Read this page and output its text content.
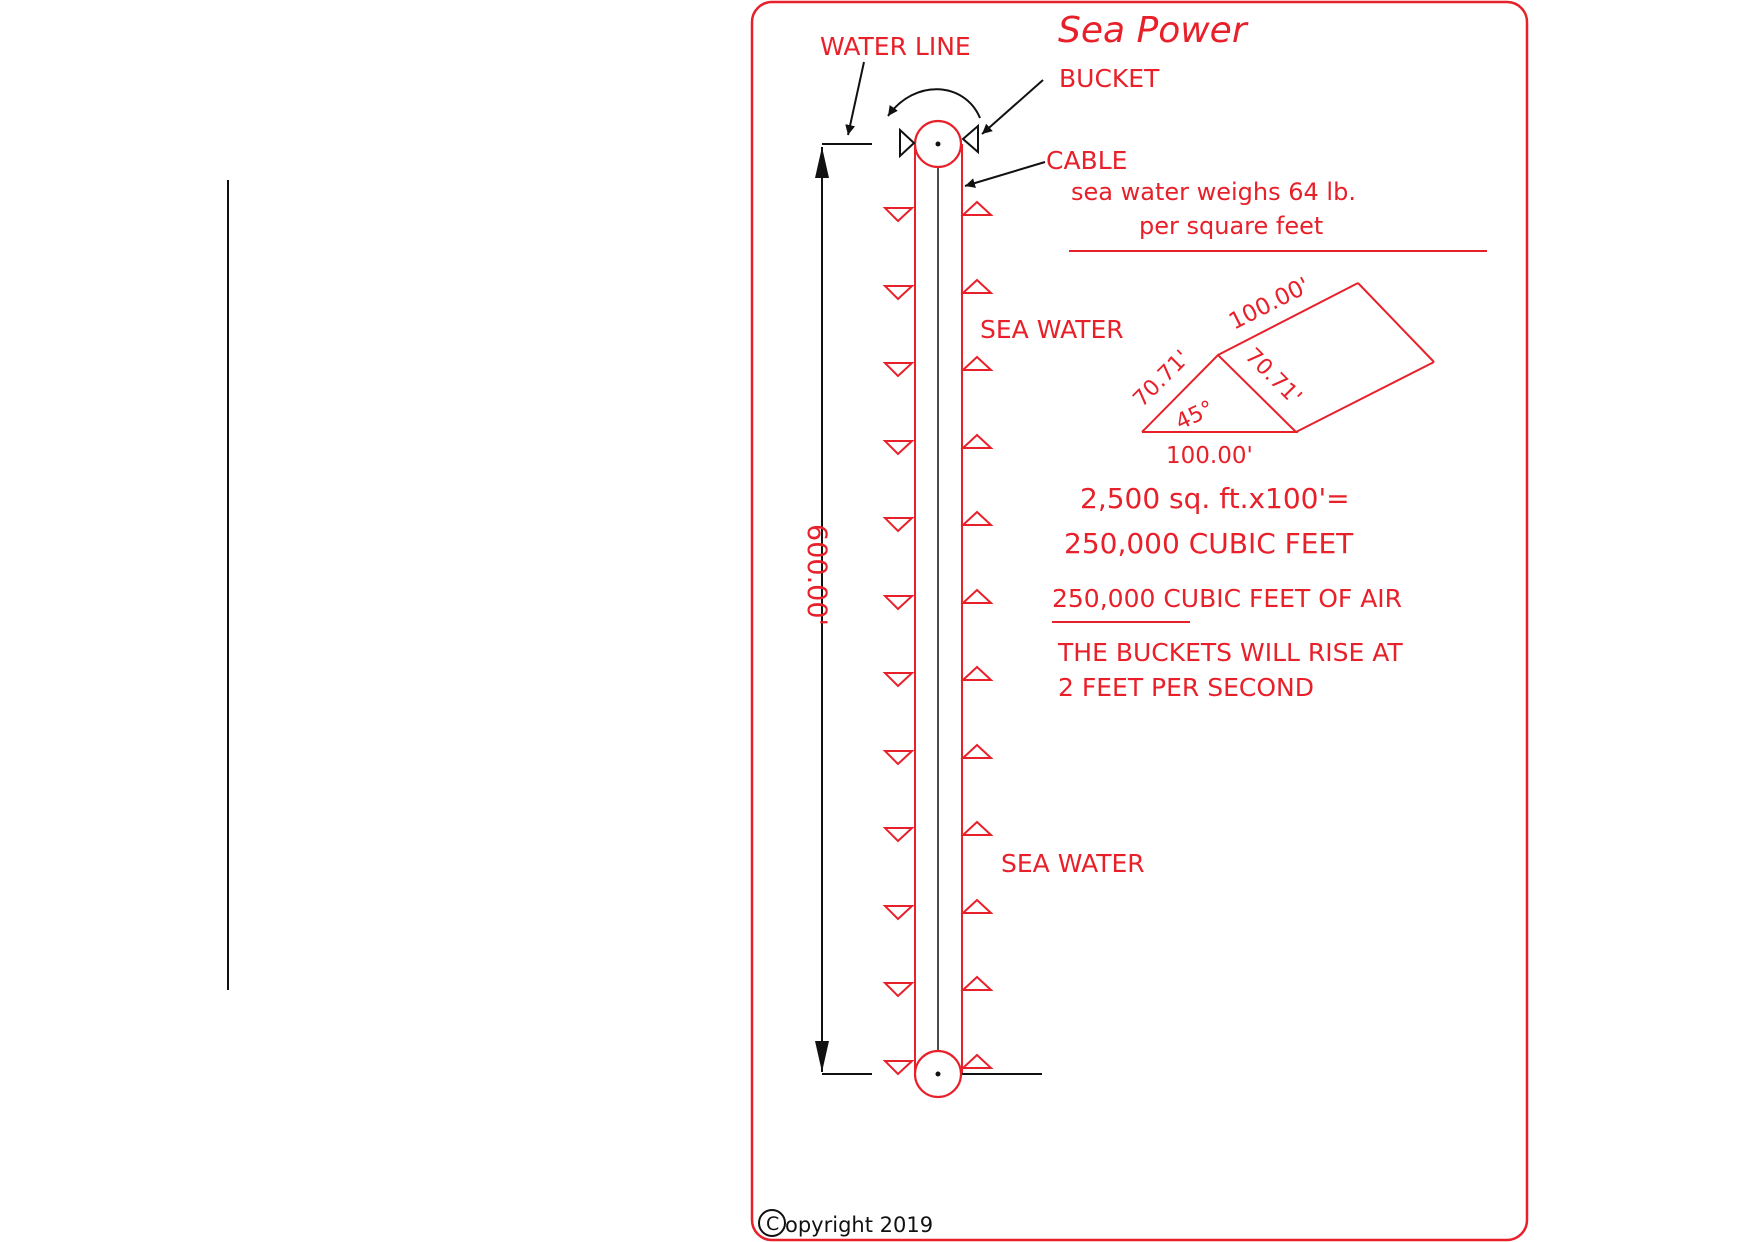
Sea Power
WATER LINE
600.00'
BUCKET
CABLE
SEA WATER
SEA WATER
sea water weighs 64 lb.
per square feet
100.00'
70.71' 70.71'
45°
100.00'
2,500 sq. ft.x100'=
250,000 CUBIC FEET
250,000 CUBIC FEET OF AIR
THE BUCKETS WILL RISE AT
2 FEET PER SECOND
C opyright 2019
